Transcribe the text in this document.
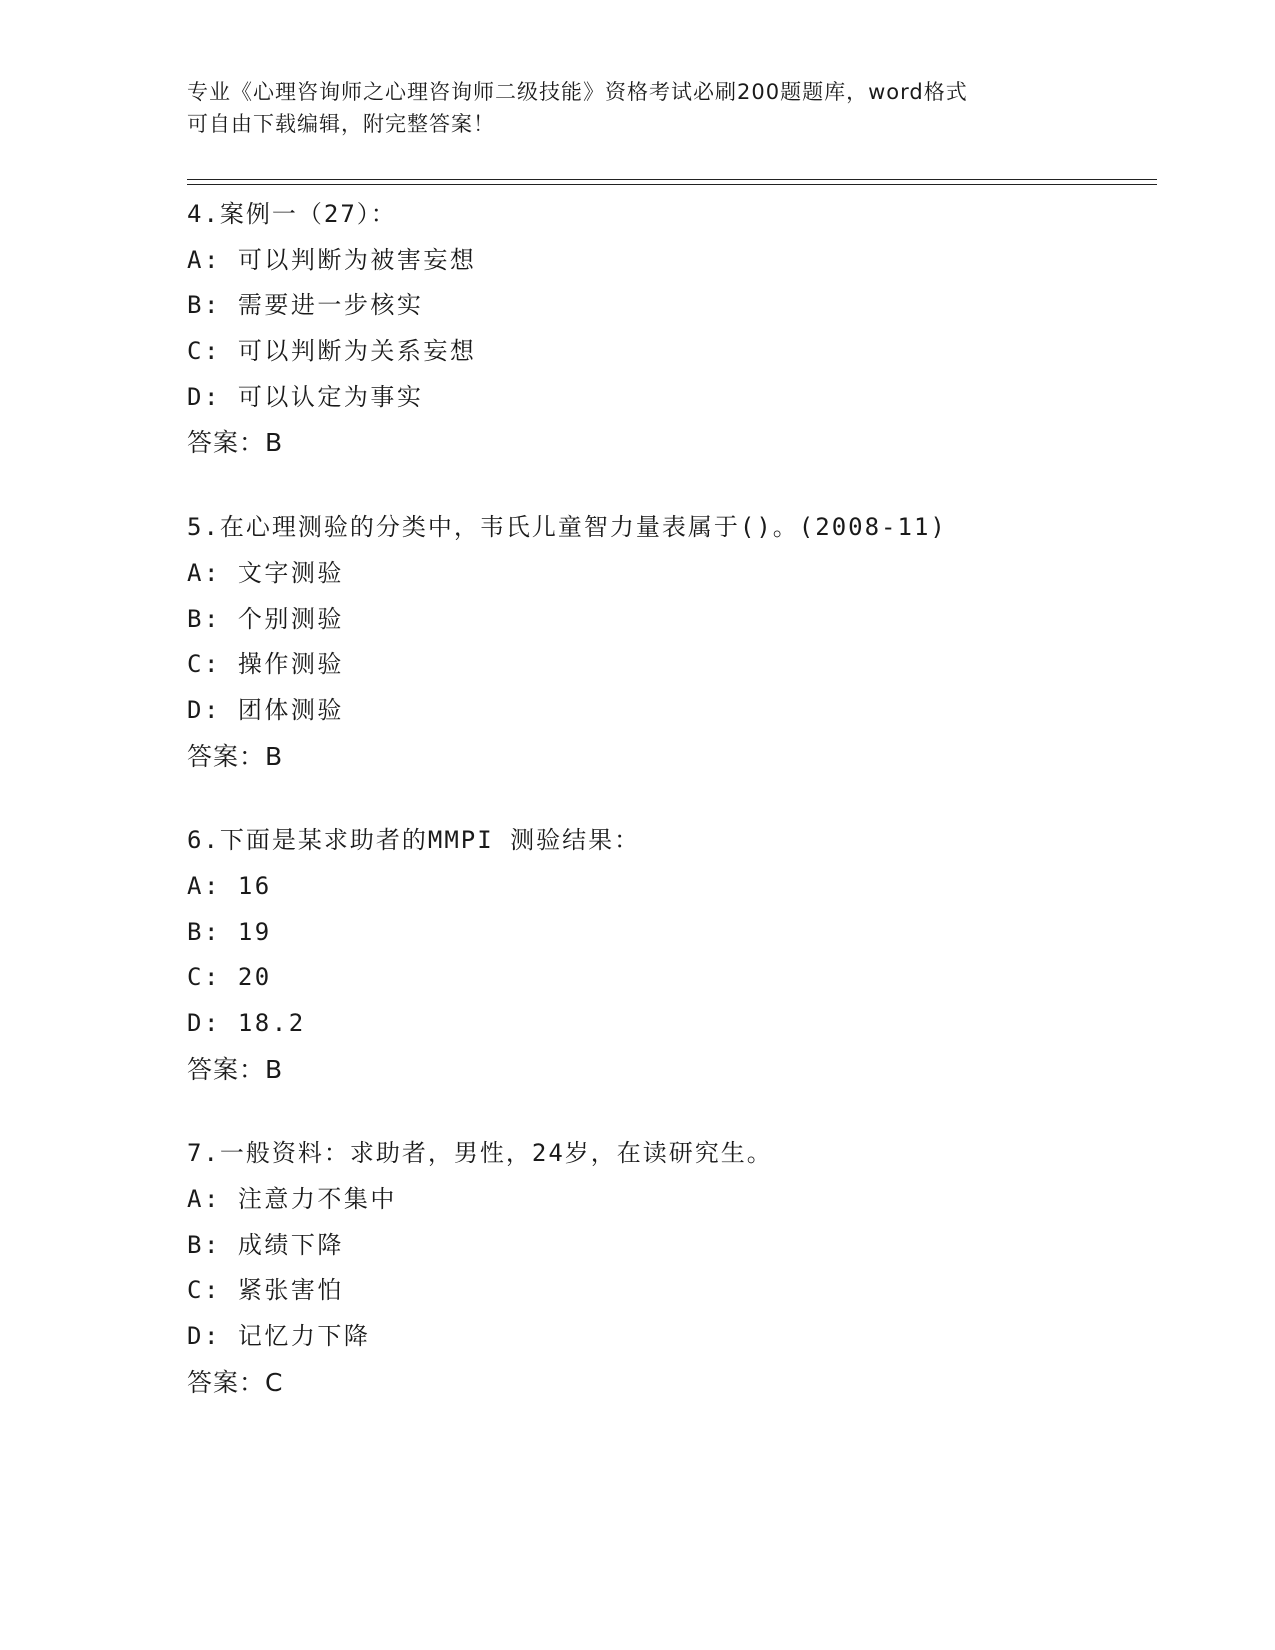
专业《心理咨询师之心理咨询师二级技能》资格考试必刷200题题库，word格式
可自由下载编辑，附完整答案！
4.案例一（27）：
A: 可以判断为被害妄想
B: 需要进一步核实
C: 可以判断为关系妄想
D: 可以认定为事实
答案：B
5.在心理测验的分类中，韦氏儿童智力量表属于()。(2008-11)
A: 文字测验
B: 个别测验
C: 操作测验
D: 团体测验
答案：B
6.下面是某求助者的MMPI 测验结果：
A: 16
B: 19
C: 20
D: 18.2
答案：B
7.一般资料：求助者，男性，24岁，在读研究生。
A: 注意力不集中
B: 成绩下降
C: 紧张害怕
D: 记忆力下降
答案：C
